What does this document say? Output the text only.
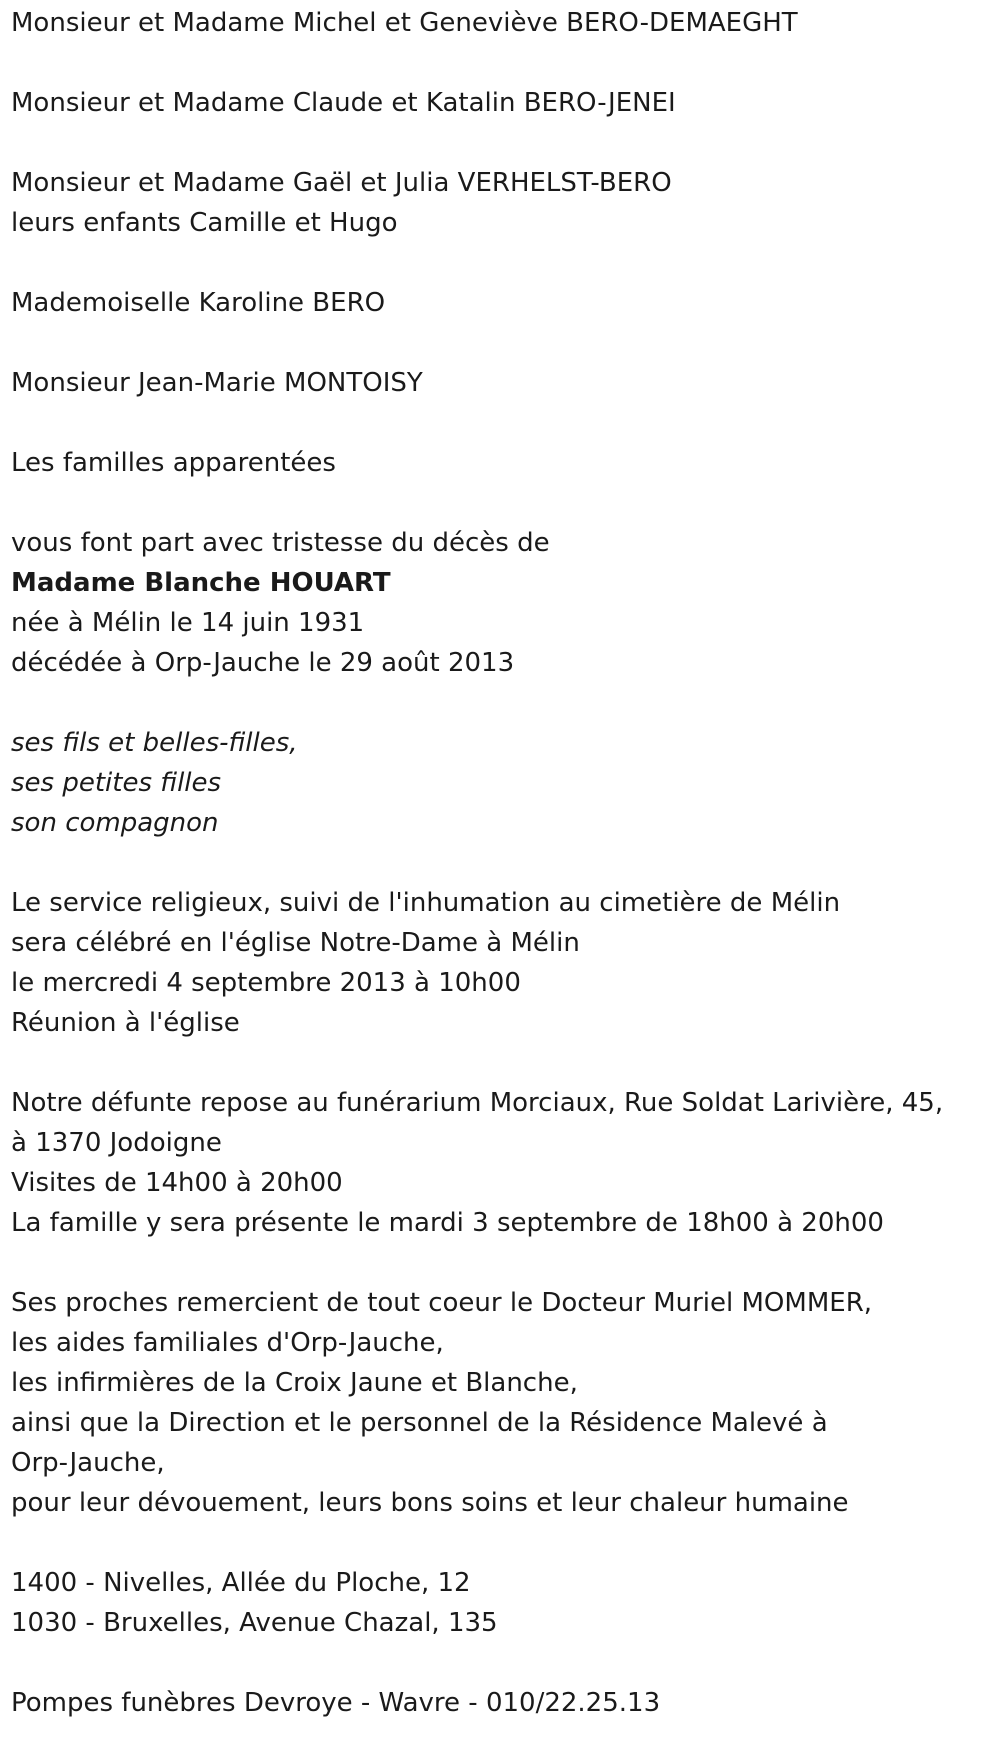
Monsieur et Madame Michel et Geneviève BERO-DEMAEGHT
Monsieur et Madame Claude et Katalin BERO-JENEI
Monsieur et Madame Gaël et Julia VERHELST-BERO
leurs enfants Camille et Hugo
Mademoiselle Karoline BERO
Monsieur Jean-Marie MONTOISY
Les familles apparentées
vous font part avec tristesse du décès de
Madame Blanche HOUART
née à Mélin le 14 juin 1931
décédée à Orp-Jauche le 29 août 2013
ses fils et belles-filles,
ses petites filles
son compagnon
Le service religieux, suivi de l'inhumation au cimetière de Mélin
sera célébré en l'église Notre-Dame à Mélin
le mercredi 4 septembre 2013 à 10h00
Réunion à l'église
Notre défunte repose au funérarium Morciaux, Rue Soldat Larivière, 45,
à 1370 Jodoigne
Visites de 14h00 à 20h00
La famille y sera présente le mardi 3 septembre de 18h00 à 20h00
Ses proches remercient de tout coeur le Docteur Muriel MOMMER,
les aides familiales d'Orp-Jauche,
les infirmières de la Croix Jaune et Blanche,
ainsi que la Direction et le personnel de la Résidence Malevé à
Orp-Jauche,
pour leur dévouement, leurs bons soins et leur chaleur humaine
1400 - Nivelles, Allée du Ploche, 12
1030 - Bruxelles, Avenue Chazal, 135
Pompes funèbres Devroye - Wavre - 010/22.25.13
